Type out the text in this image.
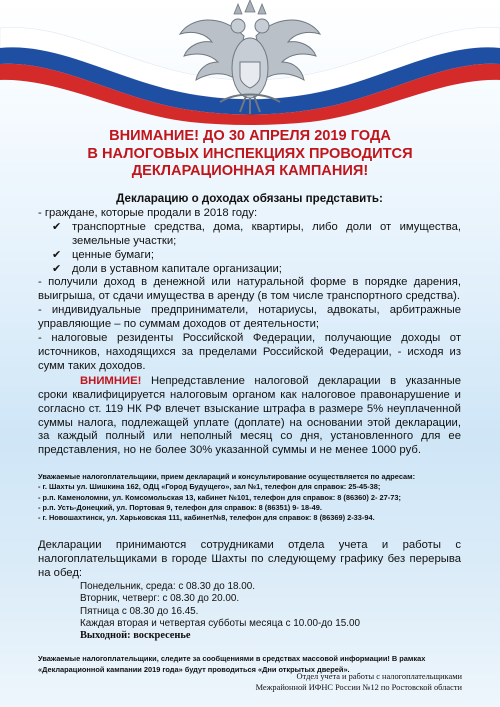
ВНИМАНИЕ! ДО 30 АПРЕЛЯ 2019 ГОДА
В НАЛОГОВЫХ ИНСПЕКЦИЯХ ПРОВОДИТСЯ
ДЕКЛАРАЦИОННАЯ КАМПАНИЯ!

Декларацию о доходах обязаны представить:

- граждане, которые продали в 2018 году:

✔ транспортные средства, дома, квартиры, либо доли от имущества, земельные участки;
✔ ценные бумаги;
✔ доли в уставном капитале организации;

- получили доход в денежной или натуральной форме в порядке дарения, выигрыша, от сдачи имущества в аренду (в том числе транспортного средства).

- индивидуальные предприниматели, нотариусы, адвокаты, арбитражные управляющие – по суммам доходов от деятельности;

- налоговые резиденты Российской Федерации, получающие доходы от источников, находящихся за пределами Российской Федерации, - исходя из сумм таких доходов.

ВНИМНИЕ! Непредставление налоговой декларации в указанные сроки квалифицируется налоговым органом как налоговое правонарушение и согласно ст. 119 НК РФ влечет взыскание штрафа в размере 5% неуплаченной суммы налога, подлежащей уплате (доплате) на основании этой декларации, за каждый полный или неполный месяц со дня, установленного для ее представления, но не более 30% указанной суммы и не менее 1000 руб.

Уважаемые налогоплательщики, прием деклараций и консультирование осуществляется по адресам:

- г. Шахты ул. Шишкина 162, ОДЦ «Город Будущего», зал №1, телефон для справок: 25-45-38;

- р.п. Каменоломни, ул. Комсомольская 13, кабинет №101, телефон для справок: 8 (86360) 2- 27-73;

- р.п. Усть-Донецкий, ул. Портовая 9, телефон для справок: 8 (86351) 9- 18-49.

- г. Новошахтинск, ул. Харьковская 111, кабинет№8, телефон для справок: 8 (86369) 2-33-94.

Декларации принимаются сотрудниками отдела учета и работы с налогоплательщиками в городе Шахты по следующему графику без перерыва на обед:

Понедельник, среда: с 08.30 до 18.00.
Вторник, четверг: с 08.30 до 20.00.
Пятница с 08.30 до 16.45.
Каждая вторая и четвертая субботы месяца с 10.00-до 15.00
Выходной: воскресенье

Уважаемые налогоплательщики, следите за сообщениями в средствах массовой информации! В рамках «Декларационной кампании 2019 года» будут проводиться «Дни открытых дверей».

Отдел учета и работы с налогоплательщиками
Межрайонной ИФНС России №12 по Ростовской области
